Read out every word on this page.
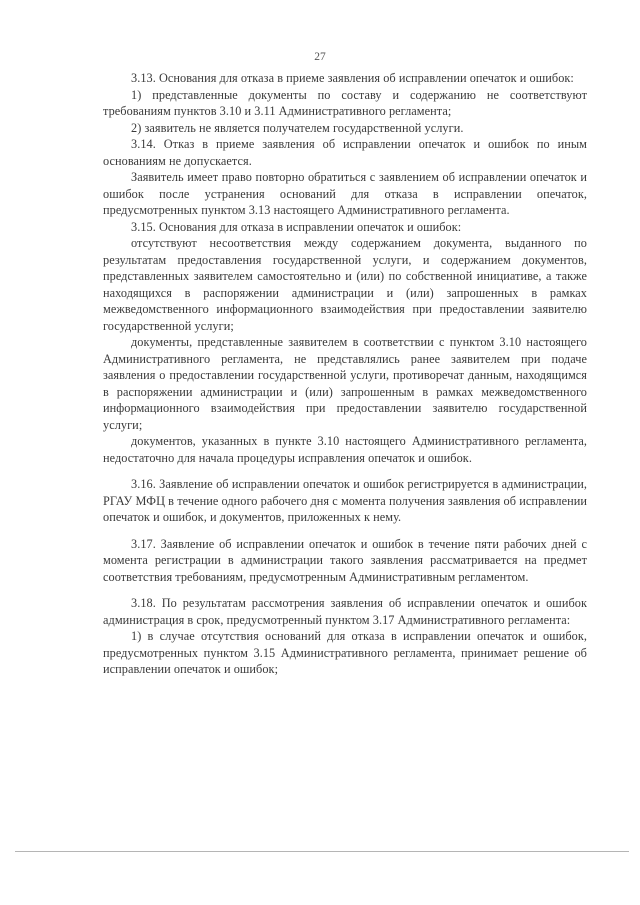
27

3.13. Основания для отказа в приеме заявления об исправлении опечаток и ошибок:

1) представленные документы по составу и содержанию не соответствуют требованиям пунктов 3.10 и 3.11 Административного регламента;

2) заявитель не является получателем государственной услуги.

3.14. Отказ в приеме заявления об исправлении опечаток и ошибок по иным основаниям не допускается.

Заявитель имеет право повторно обратиться с заявлением об исправлении опечаток и ошибок после устранения оснований для отказа в исправлении опечаток, предусмотренных пунктом 3.13 настоящего Административного регламента.

3.15. Основания для отказа в исправлении опечаток и ошибок:

отсутствуют несоответствия между содержанием документа, выданного по результатам предоставления государственной услуги, и содержанием документов, представленных заявителем самостоятельно и (или) по собственной инициативе, а также находящихся в распоряжении администрации и (или) запрошенных в рамках межведомственного информационного взаимодействия при предоставлении заявителю государственной услуги;

документы, представленные заявителем в соответствии с пунктом 3.10 настоящего Административного регламента, не представлялись ранее заявителем при подаче заявления о предоставлении государственной услуги, противоречат данным, находящимся в распоряжении администрации и (или) запрошенным в рамках межведомственного информационного взаимодействия при предоставлении заявителю государственной услуги;

документов, указанных в пункте 3.10 настоящего Административного регламента, недостаточно для начала процедуры исправления опечаток и ошибок.

3.16. Заявление об исправлении опечаток и ошибок регистрируется в администрации, РГАУ МФЦ в течение одного рабочего дня с момента получения заявления об исправлении опечаток и ошибок, и документов, приложенных к нему.

3.17. Заявление об исправлении опечаток и ошибок в течение пяти рабочих дней с момента регистрации в администрации такого заявления рассматривается на предмет соответствия требованиям, предусмотренным Административным регламентом.

3.18. По результатам рассмотрения заявления об исправлении опечаток и ошибок администрация в срок, предусмотренный пунктом 3.17 Административного регламента:

1) в случае отсутствия оснований для отказа в исправлении опечаток и ошибок, предусмотренных пунктом 3.15 Административного регламента, принимает решение об исправлении опечаток и ошибок;
